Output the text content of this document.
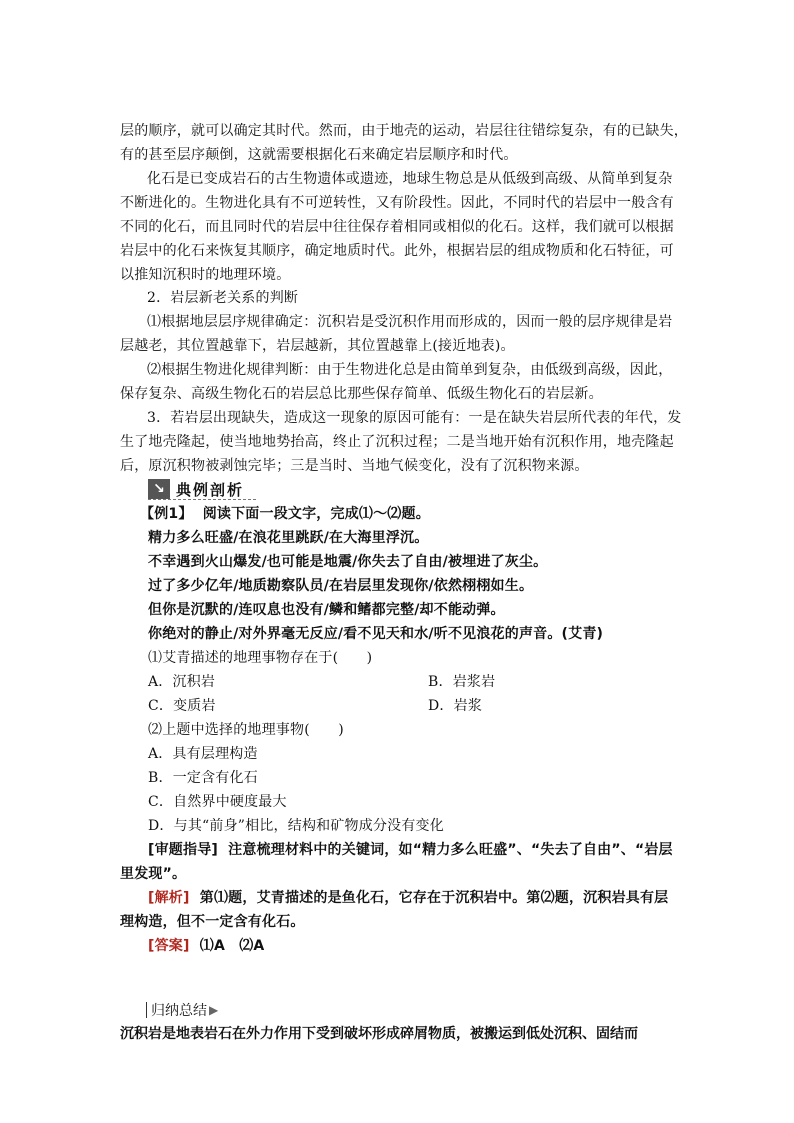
层的顺序，就可以确定其时代。然而，由于地壳的运动，岩层往往错综复杂，有的已缺失，
有的甚至层序颠倒，这就需要根据化石来确定岩层顺序和时代。
化石是已变成岩石的古生物遗体或遗迹，地球生物总是从低级到高级、从简单到复杂
不断进化的。生物进化具有不可逆转性，又有阶段性。因此，不同时代的岩层中一般含有
不同的化石，而且同时代的岩层中往往保存着相同或相似的化石。这样，我们就可以根据
岩层中的化石来恢复其顺序，确定地质时代。此外，根据岩层的组成物质和化石特征，可
以推知沉积时的地理环境。
2．岩层新老关系的判断
⑴根据地层层序规律确定：沉积岩是受沉积作用而形成的，因而一般的层序规律是岩
层越老，其位置越靠下，岩层越新，其位置越靠上(接近地表)。
⑵根据生物进化规律判断：由于生物进化总是由简单到复杂，由低级到高级，因此，
保存复杂、高级生物化石的岩层总比那些保存简单、低级生物化石的岩层新。
3．若岩层出现缺失，造成这一现象的原因可能有：一是在缺失岩层所代表的年代，发
生了地壳隆起，使当地地势抬高，终止了沉积过程；二是当地开始有沉积作用，地壳隆起
后，原沉积物被剥蚀完毕；三是当时、当地气候变化，没有了沉积物来源。
↘ 典例剖析
【例1】 阅读下面一段文字，完成⑴～⑵题。
精力多么旺盛/在浪花里跳跃/在大海里浮沉。
不幸遇到火山爆发/也可能是地震/你失去了自由/被埋进了灰尘。
过了多少亿年/地质勘察队员/在岩层里发现你/依然栩栩如生。
但你是沉默的/连叹息也没有/鳞和鳍都完整/却不能动弹。
你绝对的静止/对外界毫无反应/看不见天和水/听不见浪花的声音。(艾青)
⑴艾青描述的地理事物存在于(　　)
A．沉积岩	B．岩浆岩
C．变质岩	D．岩浆
⑵上题中选择的地理事物(　　)
A．具有层理构造
B．一定含有化石
C．自然界中硬度最大
D．与其“前身”相比，结构和矿物成分没有变化
[审题指导] 注意梳理材料中的关键词，如“精力多么旺盛”、“失去了自由”、“岩层
里发现”。
[解析] 第⑴题，艾青描述的是鱼化石，它存在于沉积岩中。第⑵题，沉积岩具有层
理构造，但不一定含有化石。
[答案] ⑴A　⑵A
归纳总结 ▶
沉积岩是地表岩石在外力作用下受到破坏形成碎屑物质，被搬运到低处沉积、固结而
